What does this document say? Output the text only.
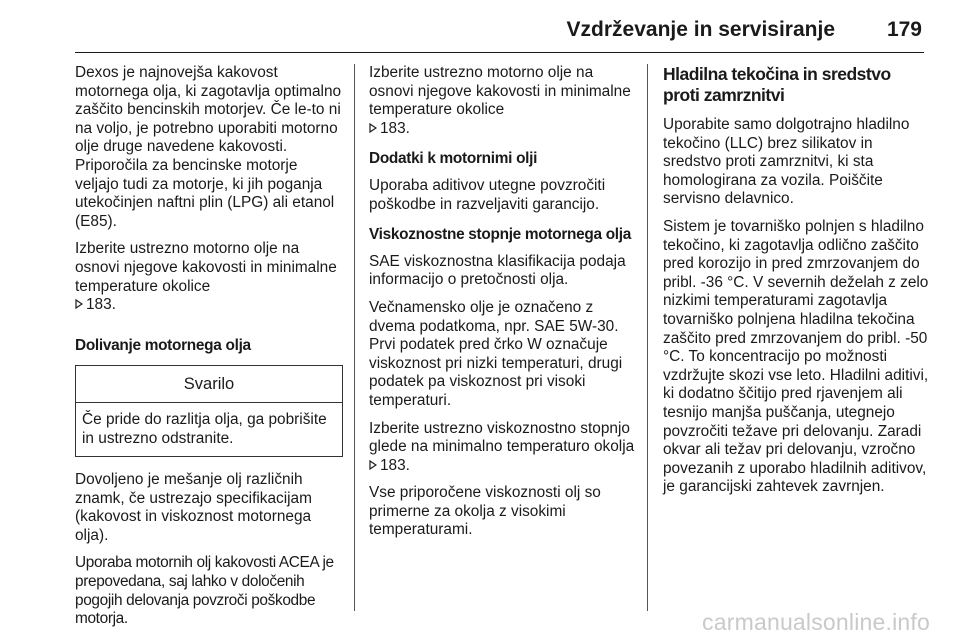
Vzdrževanje in servisiranje 179

Dexos je najnovejša kakovost motornega olja, ki zagotavlja optimalno zaščito bencinskih motorjev. Če le-to ni na voljo, je potrebno uporabiti motorno olje druge navedene kakovosti. Priporočila za bencinske motorje veljajo tudi za motorje, ki jih poganja utekočinjen naftni plin (LPG) ali etanol (E85).

Izberite ustrezno motorno olje na osnovi njegove kakovosti in minimalne temperature okolice

183.

Dolivanje motornega olja
Svarilo
Če pride do razlitja olja, ga pobrišite in ustrezno odstranite.

Dovoljeno je mešanje olj različnih znamk, če ustrezajo specifikacijam (kakovost in viskoznost motornega olja).

Uporaba motornih olj kakovosti ACEA je prepovedana, saj lahko v določenih pogojih delovanja povzroči poškodbe motorja.

Izberite ustrezno motorno olje na osnovi njegove kakovosti in minimalne temperature okolice

183.

Dodatki k motornimi olji

Uporaba aditivov utegne povzročiti poškodbe in razveljaviti garancijo.

Viskoznostne stopnje motornega olja

SAE viskoznostna klasifikacija podaja informacijo o pretočnosti olja.

Večnamensko olje je označeno z dvema podatkoma, npr. SAE 5W-30. Prvi podatek pred črko W označuje viskoznost pri nizki temperaturi, drugi podatek pa viskoznost pri visoki temperaturi.

Izberite ustrezno viskoznostno stopnjo glede na minimalno temperaturo okolja
183.

Vse priporočene viskoznosti olj so primerne za okolja z visokimi temperaturami.

Hladilna tekočina in sredstvo proti zamrznitvi

Uporabite samo dolgotrajno hladilno tekočino (LLC) brez silikatov in sredstvo proti zamrznitvi, ki sta homologirana za vozila. Poiščite servisno delavnico.

Sistem je tovarniško polnjen s hladilno tekočino, ki zagotavlja odlično zaščito pred korozijo in pred zmrzovanjem do pribl. -36 °C. V severnih deželah z zelo nizkimi temperaturami zagotavlja tovarniško polnjena hladilna tekočina zaščito pred zmrzovanjem do pribl. -50 °C. To koncentracijo po možnosti vzdržujte skozi vse leto. Hladilni aditivi, ki dodatno ščitijo pred rjavenjem ali tesnijo manjša puščanja, utegnejo povzročiti težave pri delovanju. Zaradi okvar ali težav pri delovanju, vzročno povezanih z uporabo hladilnih aditivov, je garancijski zahtevek zavrnjen.

carmanualsonline.info
